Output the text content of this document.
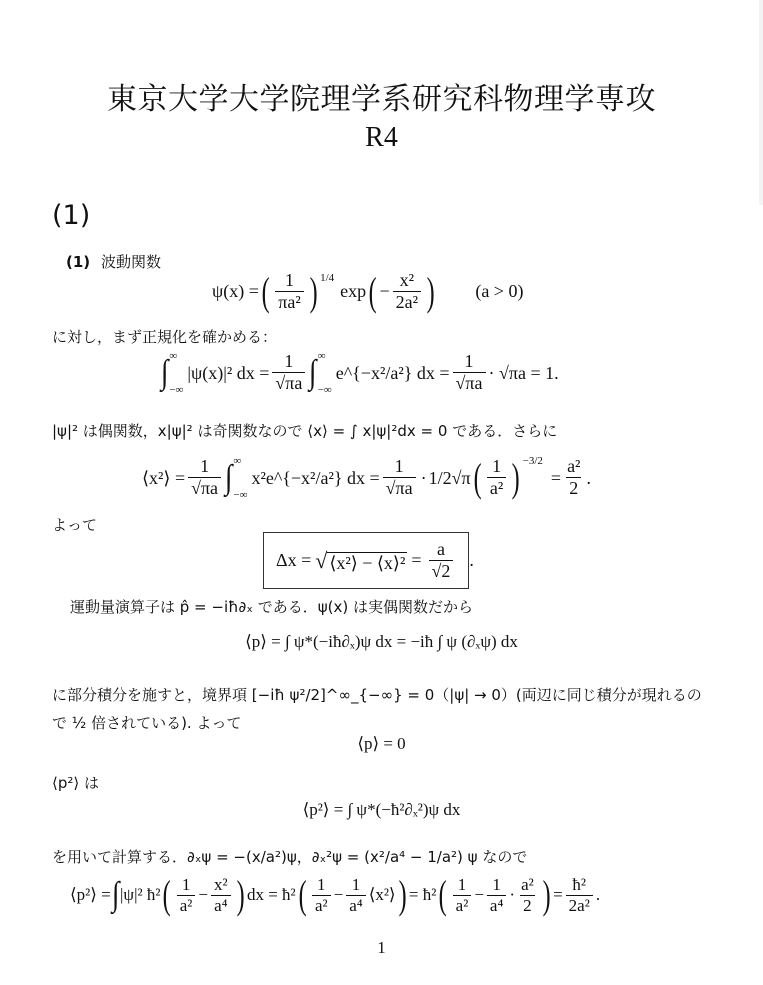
東京大学大学院理学系研究科物理学専攻
R4
(1)
(1) 波動関数
ψ(x) = ( $\frac{1}{\text{πa²}} )^{1/4}$
exp ( − $\frac{\text{x²}}{\text{2a²}}$ ) (a > 0)
に対し，まず正規化を確かめる：
∫ ∞
−∞
|ψ(x)|² dx = $\frac{1}{√\pi a}$ ∫ ∞
−∞
e^{−x²/a²} dx = $\frac{1}{√\pi a} \cdot √\pi a = 1$.
|ψ|² は偶関数，x|ψ|² は奇関数なので ⟨x⟩ = ∫ x|ψ|²dx = 0 である．さらに
⟨x²⟩ = $\frac{1}{√\pi a}$ ∫ ∞
−∞
x²e^{−x²/a²} dx = $\frac{1}{√\pi a} \cdot 1/2$ √π ( $\frac{1}{\text{a²}} )^{-3/2}$
= $\frac{\text{a²}}{2}$ .
よって
Δx = √ ⟨x²⟩ − ⟨x⟩² = $\frac{a}{√2}$ .
運動量演算子は p̂ = −iħ∂ₓ である．ψ(x) は実偶関数だから
⟨p⟩ = ∫ ψ*(−iħ∂ₓ)ψ dx = −iħ ∫ ψ (∂ₓψ) dx
に部分積分を施すと，境界項 [−iħ ψ²/2]^∞_{−∞} = 0（|ψ| → 0）(両辺に同じ積分が現れるの
で ½ 倍されている). よって
⟨p⟩ = 0
⟨p²⟩ は
⟨p²⟩ = ∫ ψ*(−ħ²∂ₓ²)ψ dx
を用いて計算する．∂ₓψ = −(x/a²)ψ，∂ₓ²ψ = (x²/a⁴ − 1/a²) ψ なので
⟨p²⟩ = ∫ |ψ|² ħ² ( $\frac{1}{\text{a²}} - \frac{\text{x²}}{\text{a⁴}}$ ) dx = ħ² ( $\frac{1}{\text{a²}} - \frac{1}{\text{a⁴}}$ ⟨x²⟩ ) = ħ² ( $\frac{1}{\text{a²}} - \frac{1}{\text{a⁴}} \cdot \frac{\text{a²}}{2}$ ) = $\frac{\text{ħ²}}{\text{2a²}}$ .
1
